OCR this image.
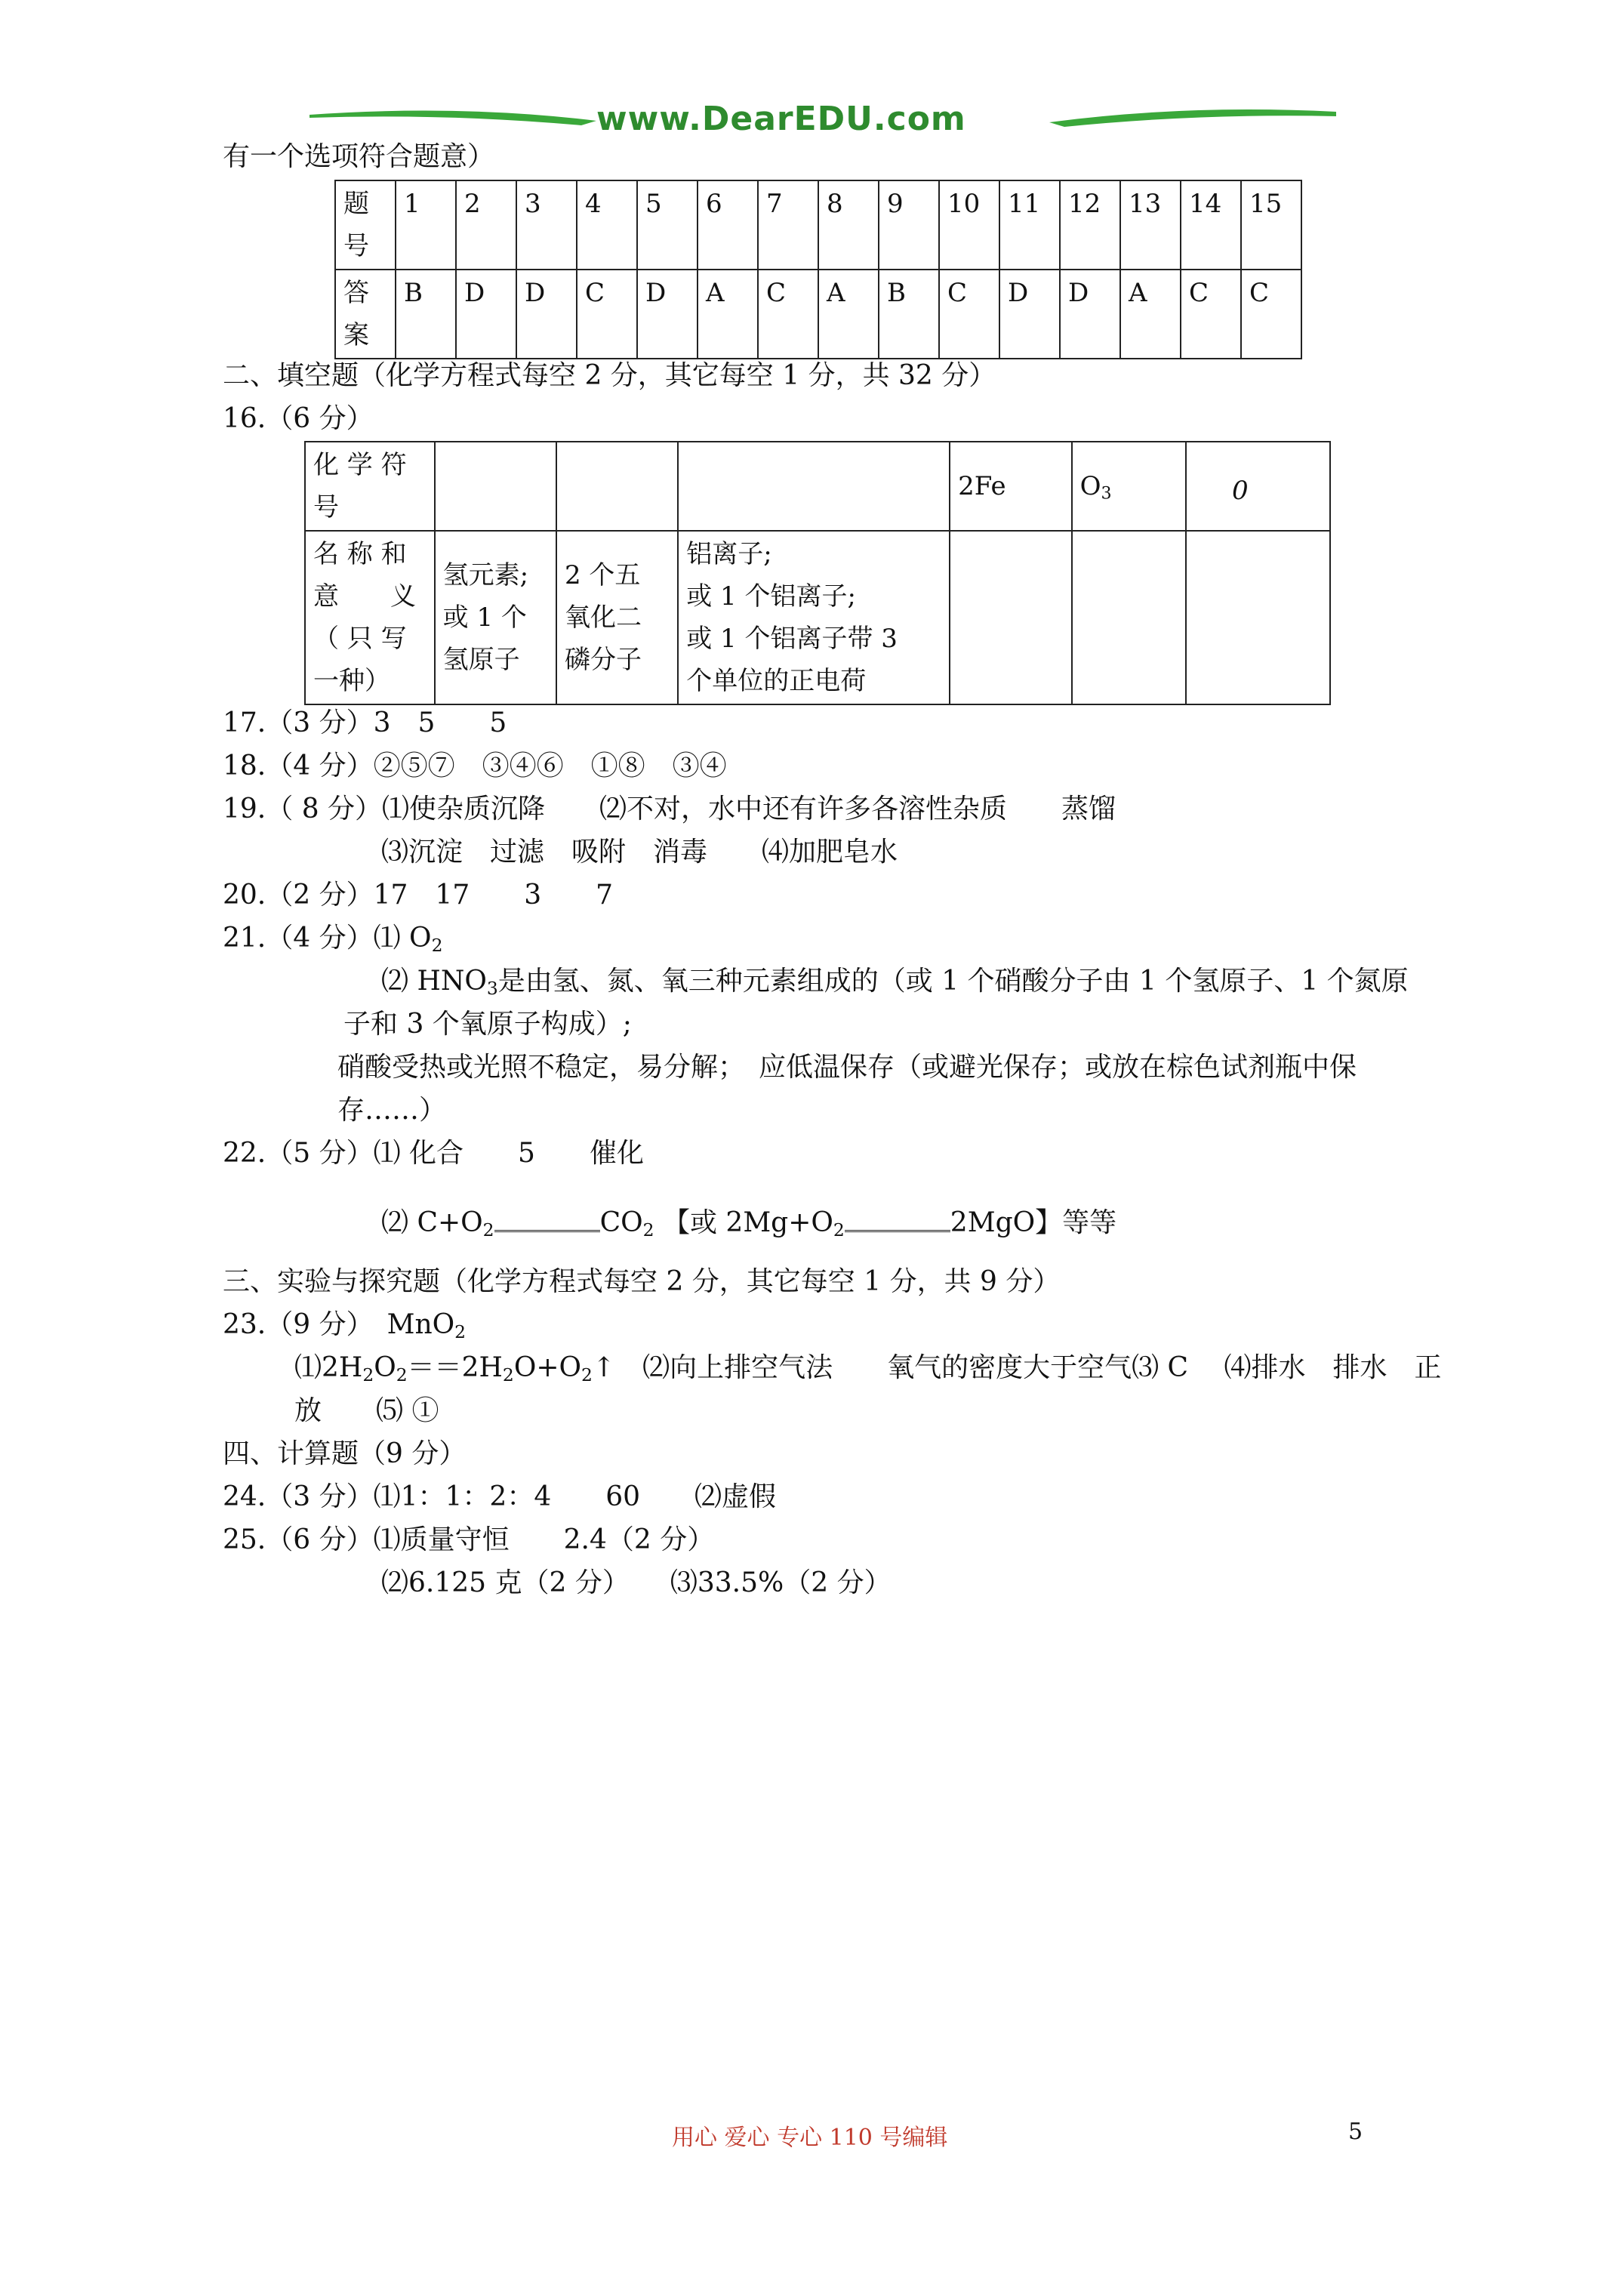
www.DearEDU.com
有一个选项符合题意）
题
号	1	2	3	4	5	6	7	8	9	10	11	12	13	14	15
答
案	B	D	D	C	D	A	C	A	B	C	D	D	A	C	C
二、填空题（化学方程式每空 2 分，其它每空 1 分，共 32 分）
16.（6 分）
化 学 符
号				2Fe	$O_3$	0
名 称 和
意　　义
（ 只 写
一种）	氢元素;
或 1 个
氢原子	2 个五
氧化二
磷分子	铝离子;
或 1 个铝离子;
或 1 个铝离子带 3
个单位的正电荷			
17.（3 分）3　5　　5
18.（4 分）②⑤⑦　③④⑥　①⑧　③④
19.（ 8 分）⑴使杂质沉降　　⑵不对，水中还有许多各溶性杂质　　蒸馏
⑶沉淀　过滤　吸附　消毒　　⑷加肥皂水
20.（2 分）17　17　　3　　7
21.（4 分）⑴ $O_2$
⑵ $HNO_3$是由氢、氮、氧三种元素组成的（或 1 个硝酸分子由 1 个氢原子、1 个氮原
子和 3 个氧原子构成）;
硝酸受热或光照不稳定，易分解；　应低温保存（或避光保存；或放在棕色试剂瓶中保
存……）
22.（5 分）⑴ 化合　　5　　催化
⑵ $C+O_2$	$CO_2$ 【或 $2Mg+O_2$	2MgO】等等
三、实验与探究题（化学方程式每空 2 分，其它每空 1 分，共 9 分）
23.（9 分）　MnO$_2$
$⑴2H_2O_2==2H_2O+O_2↑$　⑵向上排空气法　　氧气的密度大于空气⑶ C　 ⑷排水　排水　正
放　　⑸ ①
四、计算题（9 分）
24.（3 分）⑴1：1：2：4　　60　　⑵虚假
25.（6 分）⑴质量守恒　　2.4（2 分）
⑵6.125 克（2 分）　　⑶33.5%（2 分）
用心 爱心 专心 110 号编辑	5
